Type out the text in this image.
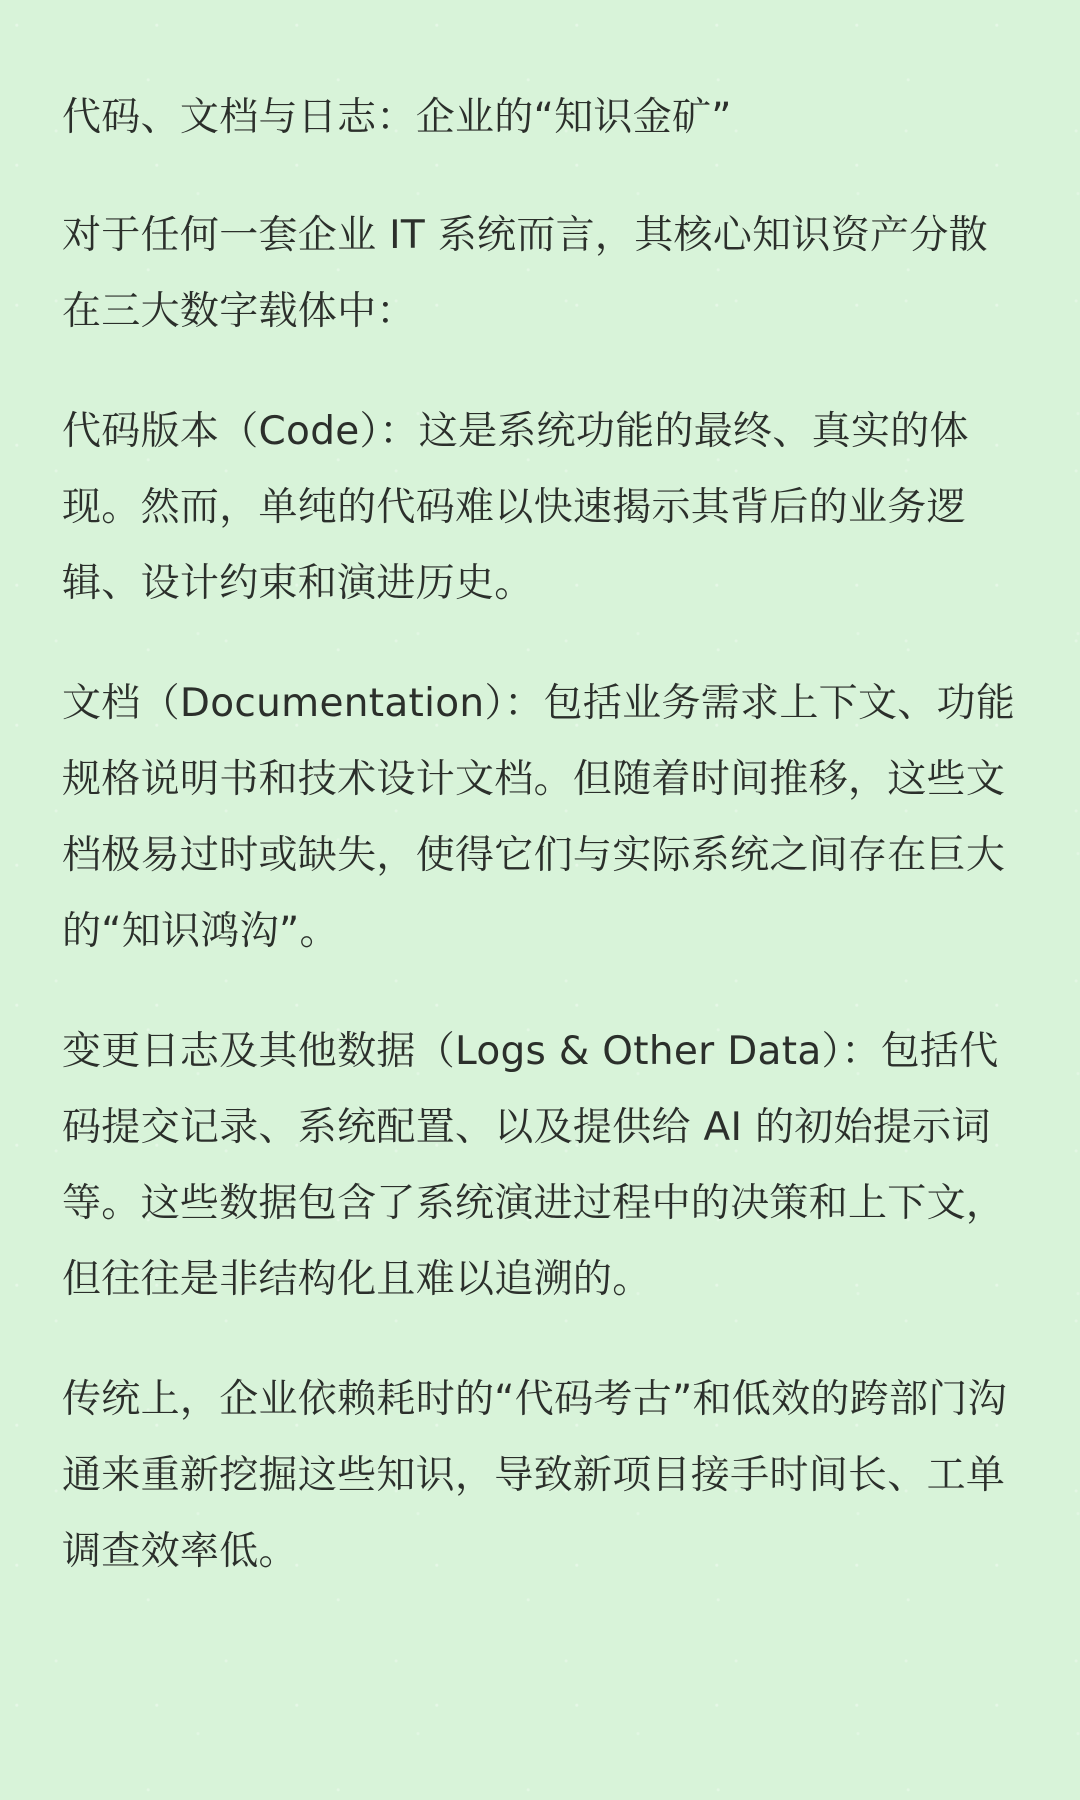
代码、文档与日志：企业的“知识金矿”

对于任何一套企业 IT 系统而言，其核心知识资产分散在三大数字载体中：

代码版本（Code）：这是系统功能的最终、真实的体现。然而，单纯的代码难以快速揭示其背后的业务逻辑、设计约束和演进历史。

文档（Documentation）：包括业务需求上下文、功能规格说明书和技术设计文档。但随着时间推移，这些文档极易过时或缺失，使得它们与实际系统之间存在巨大的“知识鸿沟”。

变更日志及其他数据（Logs & Other Data）：包括代码提交记录、系统配置、以及提供给 AI 的初始提示词等。这些数据包含了系统演进过程中的决策和上下文，但往往是非结构化且难以追溯的。

传统上，企业依赖耗时的“代码考古”和低效的跨部门沟通来重新挖掘这些知识，导致新项目接手时间长、工单调查效率低。
